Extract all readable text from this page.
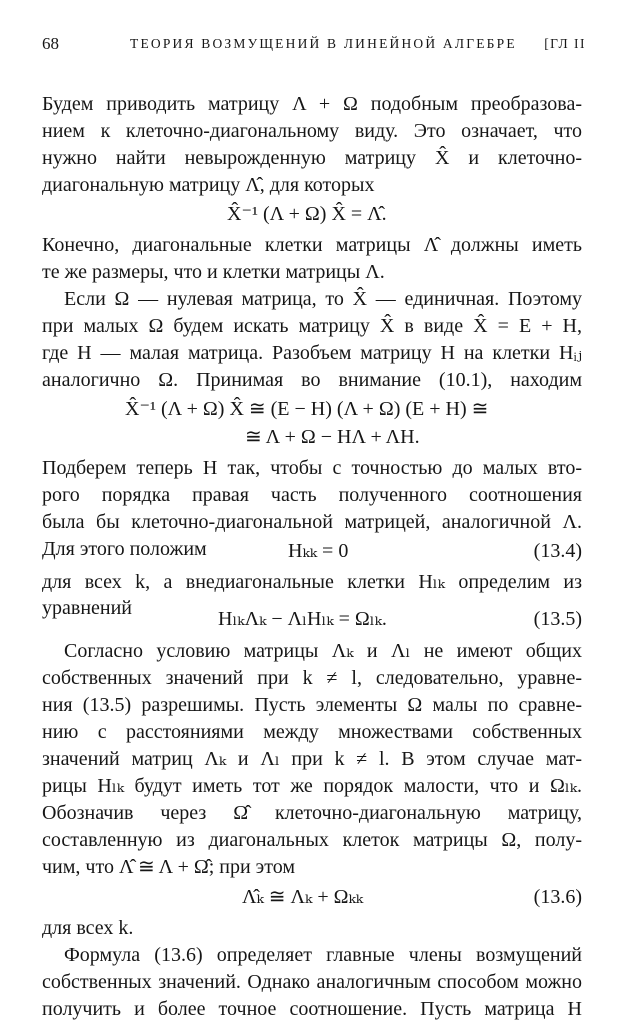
68	ТЕОРИЯ ВОЗМУЩЕНИЙ В ЛИНЕЙНОЙ АЛГЕБРЕ [ГЛ II
Будем приводить матрицу Λ + Ω подобным преобразова-
нием к клеточно-диагональному виду. Это означает, что
нужно найти невырожденную матрицу X̂ и клеточно-
диагональную матрицу Λ̂, для которых
X̂⁻¹ (Λ + Ω) X̂ = Λ̂.
Конечно, диагональные клетки матрицы Λ̂ должны иметь
те же размеры, что и клетки матрицы Λ.
Если Ω — нулевая матрица, то X̂ — единичная. Поэтому
при малых Ω будем искать матрицу X̂ в виде X̂ = E + H,
где H — малая матрица. Разобъем матрицу H на клетки Hᵢⱼ
аналогично Ω. Принимая во внимание (10.1), находим
X̂⁻¹ (Λ + Ω) X̂ ≅ (E − H) (Λ + Ω) (E + H) ≅
≅ Λ + Ω − HΛ + ΛH.
Подберем теперь H так, чтобы с точностью до малых вто-
рого порядка правая часть полученного соотношения
была бы клеточно-диагональной матрицей, аналогичной Λ.
Для этого положим	Hₖₖ = 0	(13.4)
для всех k, а внедиагональные клетки Hₗₖ определим из
уравнений	HₗₖΛₖ − ΛₗHₗₖ = Ωₗₖ.	(13.5)
Согласно условию матрицы Λₖ и Λₗ не имеют общих
собственных значений при k ≠ l, следовательно, уравне-
ния (13.5) разрешимы. Пусть элементы Ω малы по сравне-
нию с расстояниями между множествами собственных
значений матриц Λₖ и Λₗ при k ≠ l. В этом случае мат-
рицы Hₗₖ будут иметь тот же порядок малости, что и Ωₗₖ.
Обозначив через Ω̂ клеточно-диагональную матрицу,
составленную из диагональных клеток матрицы Ω, полу-
чим, что Λ̂ ≅ Λ + Ω̂; при этом
Λ̂ₖ ≅ Λₖ + Ωₖₖ	(13.6)
для всех k.
Формула (13.6) определяет главные члены возмущений
собственных значений. Однако аналогичным способом можно
получить и более точное соотношение. Пусть матрица H
